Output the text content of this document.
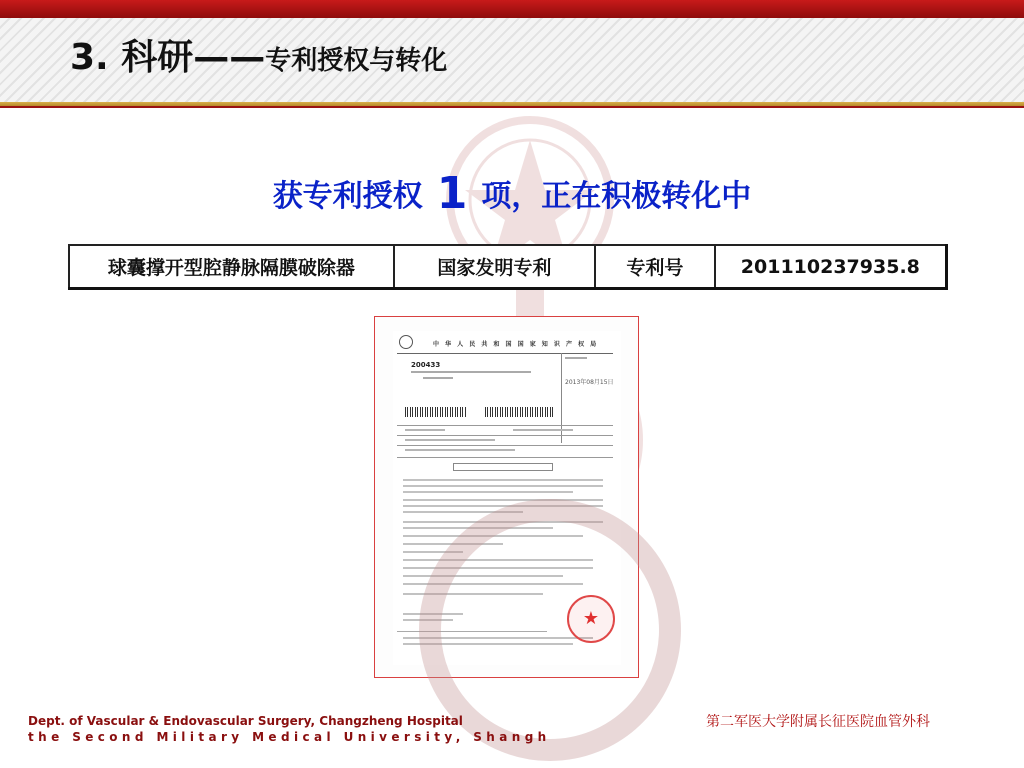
3. 科研——专利授权与转化
获专利授权 1 项，正在积极转化中
球囊撑开型腔静脉隔膜破除器	国家发明专利	专利号	201110237935.8
中 华 人 民 共 和 国 国 家 知 识 产 权 局
200433
2013年08月15日
★
Dept. of Vascular & Endovascular Surgery, Changzheng Hospital
the Second Military Medical University, Shangh
第二军医大学附属长征医院血管外科
